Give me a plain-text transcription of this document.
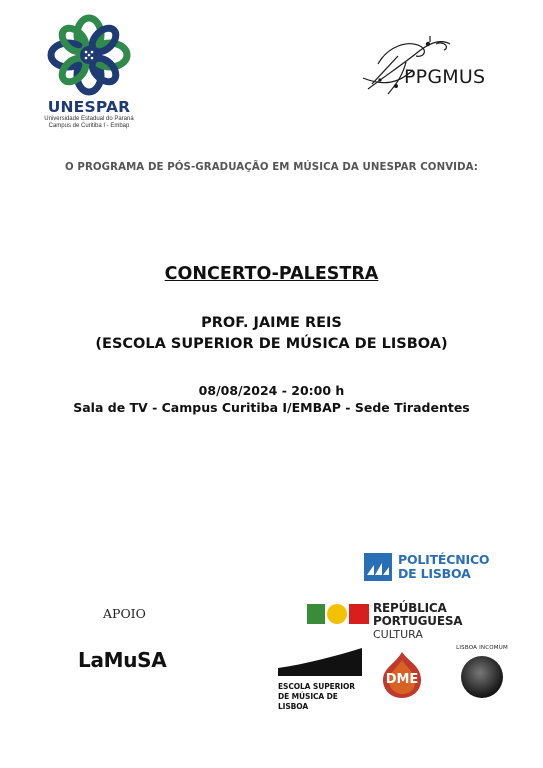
UNESPAR
Universidade Estadual do Paraná
Campus de Curitiba I - Embap
PPGMUS
O PROGRAMA DE PÓS-GRADUAÇÃO EM MÚSICA DA UNESPAR CONVIDA:
CONCERTO-PALESTRA
PROF. JAIME REIS
(ESCOLA SUPERIOR DE MÚSICA DE LISBOA)
08/08/2024 - 20:00 h
Sala de TV - Campus Curitiba I/EMBAP - Sede Tiradentes
POLITÉCNICO
DE LISBOA
REPÚBLICA PORTUGUESA
CULTURA
APOIO
LaMuSA
ESCOLA SUPERIOR
DE MÚSICA DE LISBOA
DME
LISBOA INCOMUM
